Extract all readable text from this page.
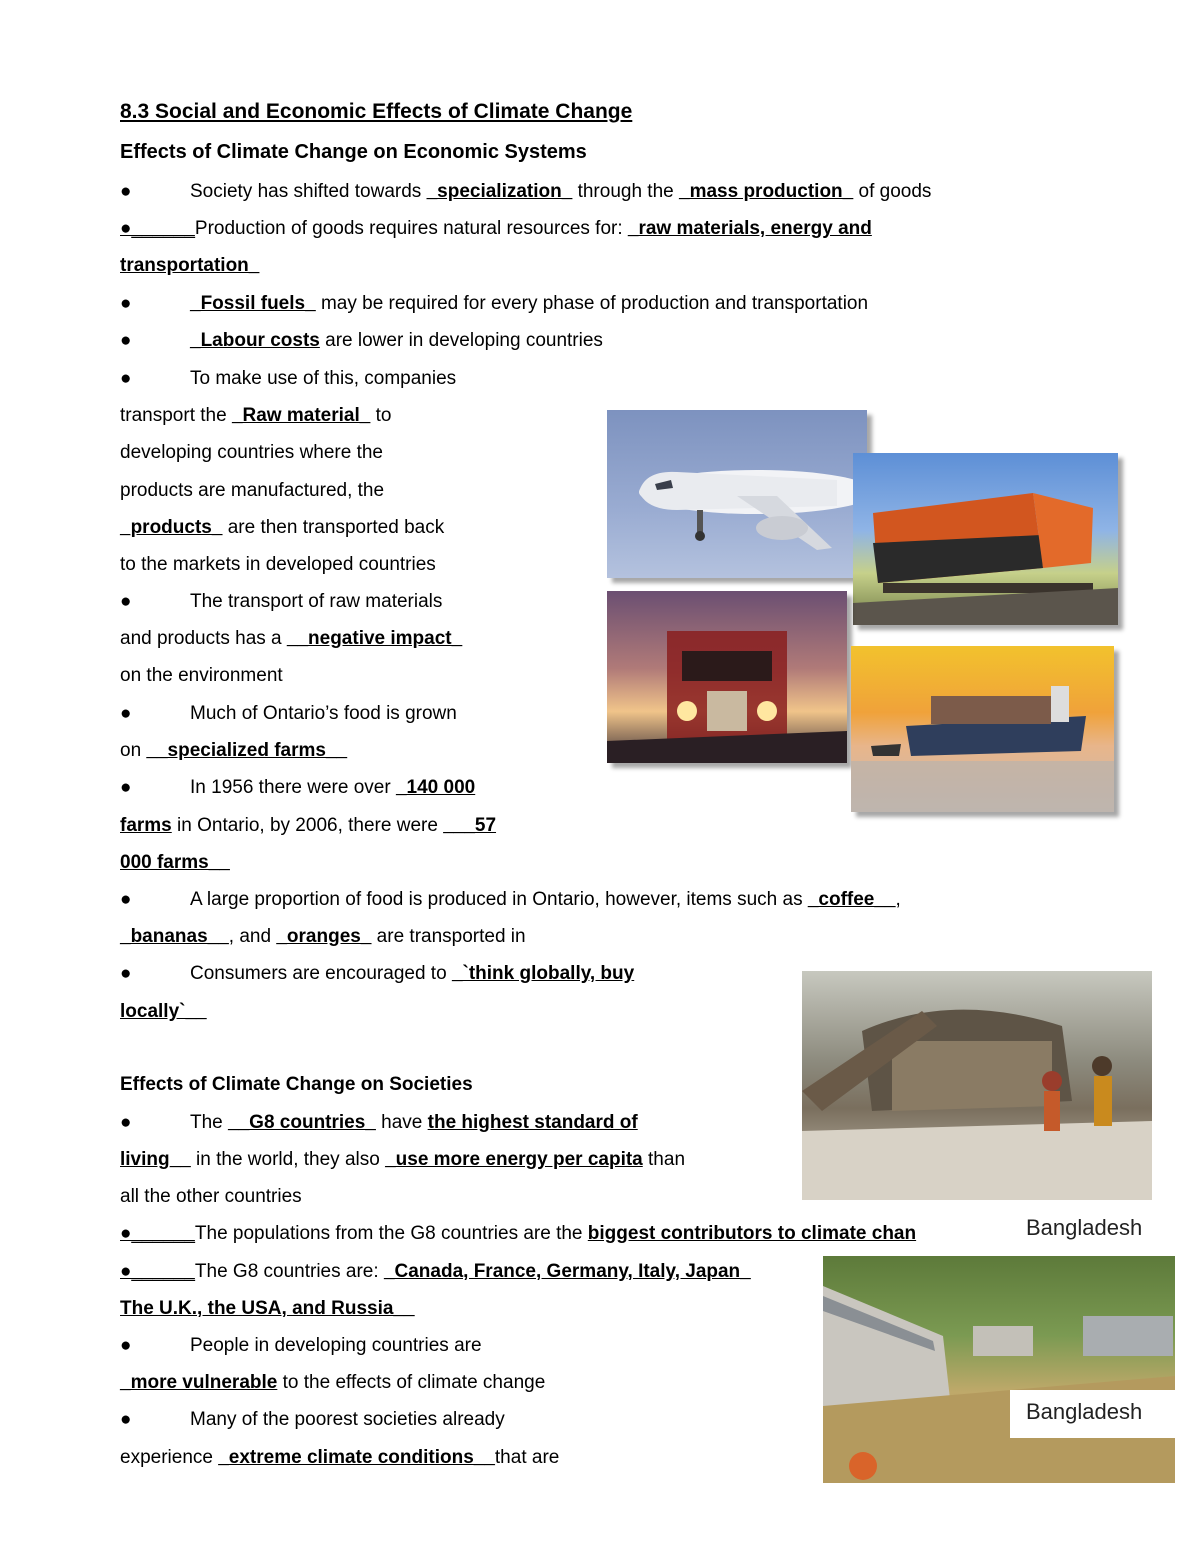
8.3 Social and Economic Effects of Climate Change
Effects of Climate Change on Economic Systems
●	Society has shifted towards _specialization_ through the _mass production_ of goods
●______Production of goods requires natural resources for: _raw materials, energy and
transportation_
●	_Fossil fuels_ may be required for every phase of production and transportation
●	_Labour costs are lower in developing countries
●	To make use of this, companies
transport the _Raw material_ to
developing countries where the
products are manufactured, the
_products_ are then transported back
to the markets in developed countries
●	The transport of raw materials
and products has a __negative impact_
on the environment
●	Much of Ontario’s food is grown
on __specialized farms__
●	In 1956 there were over _140 000
farms in Ontario, by 2006, there were ___57
000 farms__
●	A large proportion of food is produced in Ontario, however, items such as _coffee__,
_bananas__, and _oranges_ are transported in
●	Consumers are encouraged to _`think globally, buy
locally`__
Effects of Climate Change on Societies
●	The __G8 countries_ have the highest standard of
living__ in the world, they also _use more energy per capita than
all the other countries
●______The populations from the G8 countries are the biggest contributors to climate chan
●______The G8 countries are: _Canada, France, Germany, Italy, Japan_
The U.K., the USA, and Russia__
●	People in developing countries are
_more vulnerable to the effects of climate change
●	Many of the poorest societies already
experience _extreme climate conditions__that are
Bangladesh
Bangladesh
